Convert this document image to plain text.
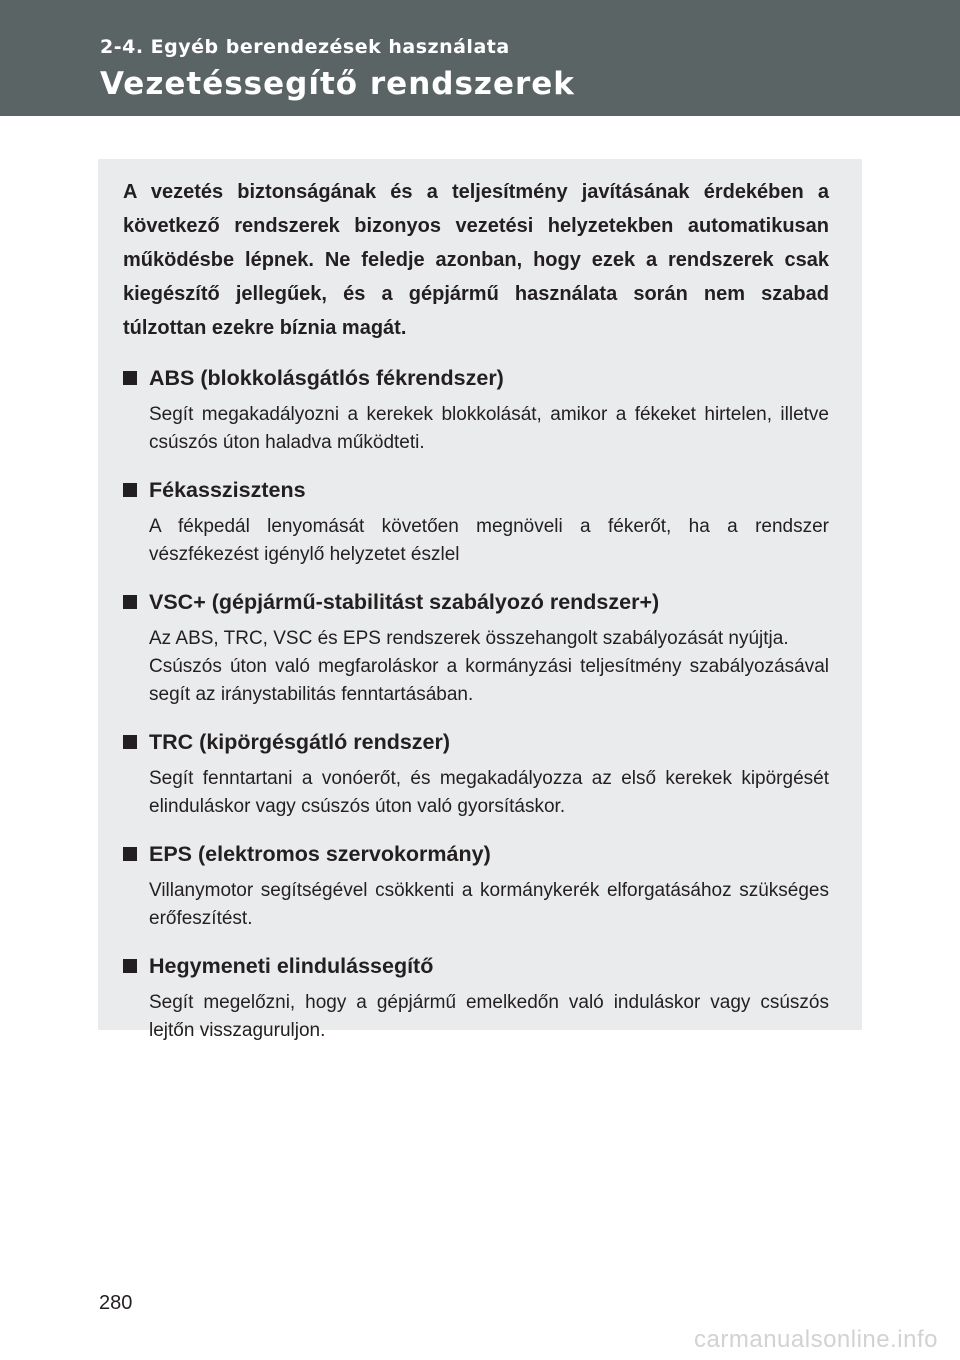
2-4. Egyéb berendezések használata
Vezetéssegítő rendszerek

A vezetés biztonságának és a teljesítmény javításának érdekében a következő rendszerek bizonyos vezetési helyzetekben automatikusan működésbe lépnek. Ne feledje azonban, hogy ezek a rendszerek csak kiegészítő jellegűek, és a gépjármű használata során nem szabad túlzottan ezekre bíznia magát.

ABS (blokkolásgátlós fékrendszer)

Segít megakadályozni a kerekek blokkolását, amikor a fékeket hirtelen, illetve csúszós úton haladva működteti.

Fékasszisztens

A fékpedál lenyomását követően megnöveli a fékerőt, ha a rendszer vészfékezést igénylő helyzetet észlel

VSC+ (gépjármű-stabilitást szabályozó rendszer+)

Az ABS, TRC, VSC és EPS rendszerek összehangolt szabályozását nyújtja.

Csúszós úton való megfaroláskor a kormányzási teljesítmény szabályozásával segít az iránystabilitás fenntartásában.

TRC (kipörgésgátló rendszer)

Segít fenntartani a vonóerőt, és megakadályozza az első kerekek kipörgését elinduláskor vagy csúszós úton való gyorsításkor.

EPS (elektromos szervokormány)

Villanymotor segítségével csökkenti a kormánykerék elforgatásához szükséges erőfeszítést.

Hegymeneti elindulássegítő

Segít megelőzni, hogy a gépjármű emelkedőn való induláskor vagy csúszós lejtőn visszaguruljon.

280
carmanualsonline.info
